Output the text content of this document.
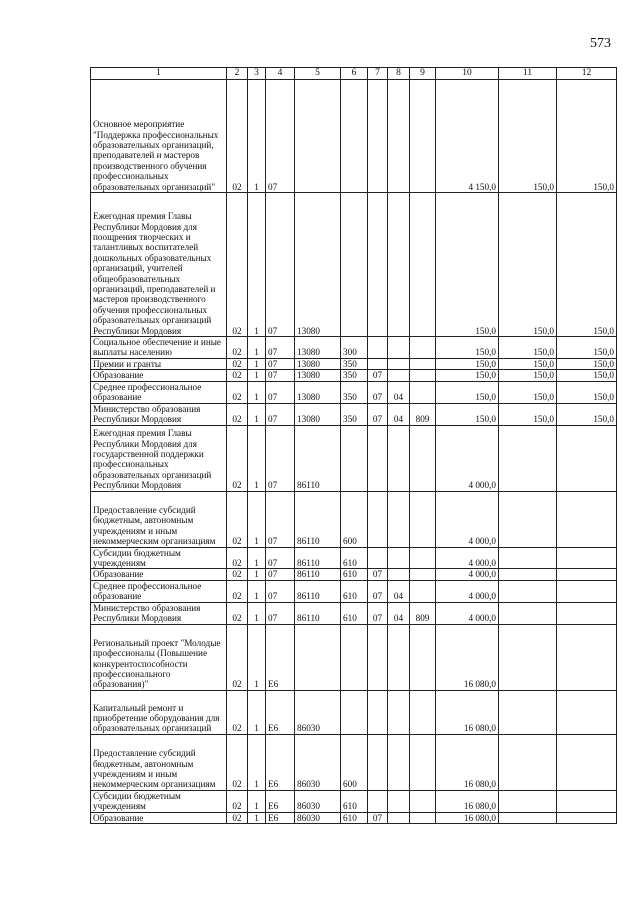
573
1	2	3	4	5	6	7	8	9	10	11	12
Основное мероприятие "Поддержка профессиональных образовательных организаций, преподавателей и мастеров производственного обучения профессиональных образовательных организаций"	02	1	07						4 150,0	150,0	150,0
Ежегодная премия Главы Республики Мордовия для поощрения творческих и талантливых воспитателей дошкольных образовательных организаций, учителей общеобразовательных организаций, преподавателей и мастеров производственного обучения профессиональных образовательных организаций Республики Мордовия	02	1	07	13080					150,0	150,0	150,0
Социальное обеспечение и иные выплаты населению	02	1	07	13080	300				150,0	150,0	150,0
Премии и гранты	02	1	07	13080	350				150,0	150,0	150,0
Образование	02	1	07	13080	350	07			150,0	150,0	150,0
Среднее профессиональное образование	02	1	07	13080	350	07	04		150,0	150,0	150,0
Министерство образования Республики Мордовия	02	1	07	13080	350	07	04	809	150,0	150,0	150,0
Ежегодная премия Главы Республики Мордовия для государственной поддержки профессиональных образовательных организаций Республики Мордовия	02	1	07	86110					4 000,0		
Предоставление субсидий бюджетным, автономным учреждениям и иным некоммерческим организациям	02	1	07	86110	600				4 000,0		
Субсидии бюджетным учреждениям	02	1	07	86110	610				4 000,0		
Образование	02	1	07	86110	610	07			4 000,0		
Среднее профессиональное образование	02	1	07	86110	610	07	04		4 000,0		
Министерство образования Республики Мордовия	02	1	07	86110	610	07	04	809	4 000,0		
Региональный проект "Молодые профессионалы (Повышение конкурентоспособности профессионального образования)"	02	1	Е6						16 080,0		
Капитальный ремонт и приобретение оборудования для образовательных организаций	02	1	Е6	86030					16 080,0		
Предоставление субсидий бюджетным, автономным учреждениям и иным некоммерческим организациям	02	1	Е6	86030	600				16 080,0		
Субсидии бюджетным учреждениям	02	1	Е6	86030	610				16 080,0		
Образование	02	1	Е6	86030	610	07			16 080,0		
